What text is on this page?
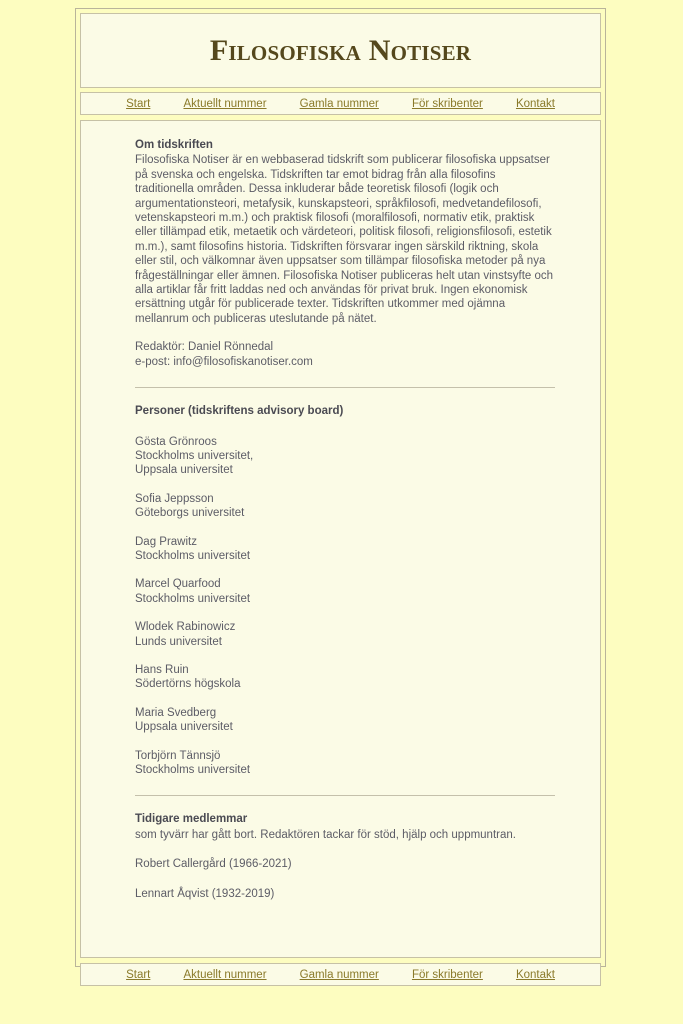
Filosofiska Notiser
Start	Aktuellt nummer	Gamla nummer	För skribenter	Kontakt
Om tidskriften

Filosofiska Notiser är en webbaserad tidskrift som publicerar filosofiska uppsatser på svenska och engelska. Tidskriften tar emot bidrag från alla filosofins traditionella områden. Dessa inkluderar både teoretisk filosofi (logik och argumentationsteori, metafysik, kunskapsteori, språkfilosofi, medvetandefilosofi, vetenskapsteori m.m.) och praktisk filosofi (moralfilosofi, normativ etik, praktisk eller tillämpad etik, metaetik och värdeteori, politisk filosofi, religionsfilosofi, estetik m.m.), samt filosofins historia. Tidskriften försvarar ingen särskild riktning, skola eller stil, och välkomnar även uppsatser som tillämpar filosofiska metoder på nya frågeställningar eller ämnen. Filosofiska Notiser publiceras helt utan vinstsyfte och alla artiklar får fritt laddas ned och användas för privat bruk. Ingen ekonomisk ersättning utgår för publicerade texter. Tidskriften utkommer med ojämna mellanrum och publiceras uteslutande på nätet.

Redaktör: Daniel Rönnedal
e-post: info@filosofiskanotiser.com
Personer (tidskriftens advisory board)
Gösta Grönroos
Stockholms universitet,
Uppsala universitet
Sofia Jeppsson
Göteborgs universitet
Dag Prawitz
Stockholms universitet
Marcel Quarfood
Stockholms universitet
Wlodek Rabinowicz
Lunds universitet
Hans Ruin
Södertörns högskola
Maria Svedberg
Uppsala universitet
Torbjörn Tännsjö
Stockholms universitet
Tidigare medlemmar
som tyvärr har gått bort. Redaktören tackar för stöd, hjälp och uppmuntran.
Robert Callergård (1966-2021)
Lennart Åqvist (1932-2019)
Start	Aktuellt nummer	Gamla nummer	För skribenter	Kontakt
